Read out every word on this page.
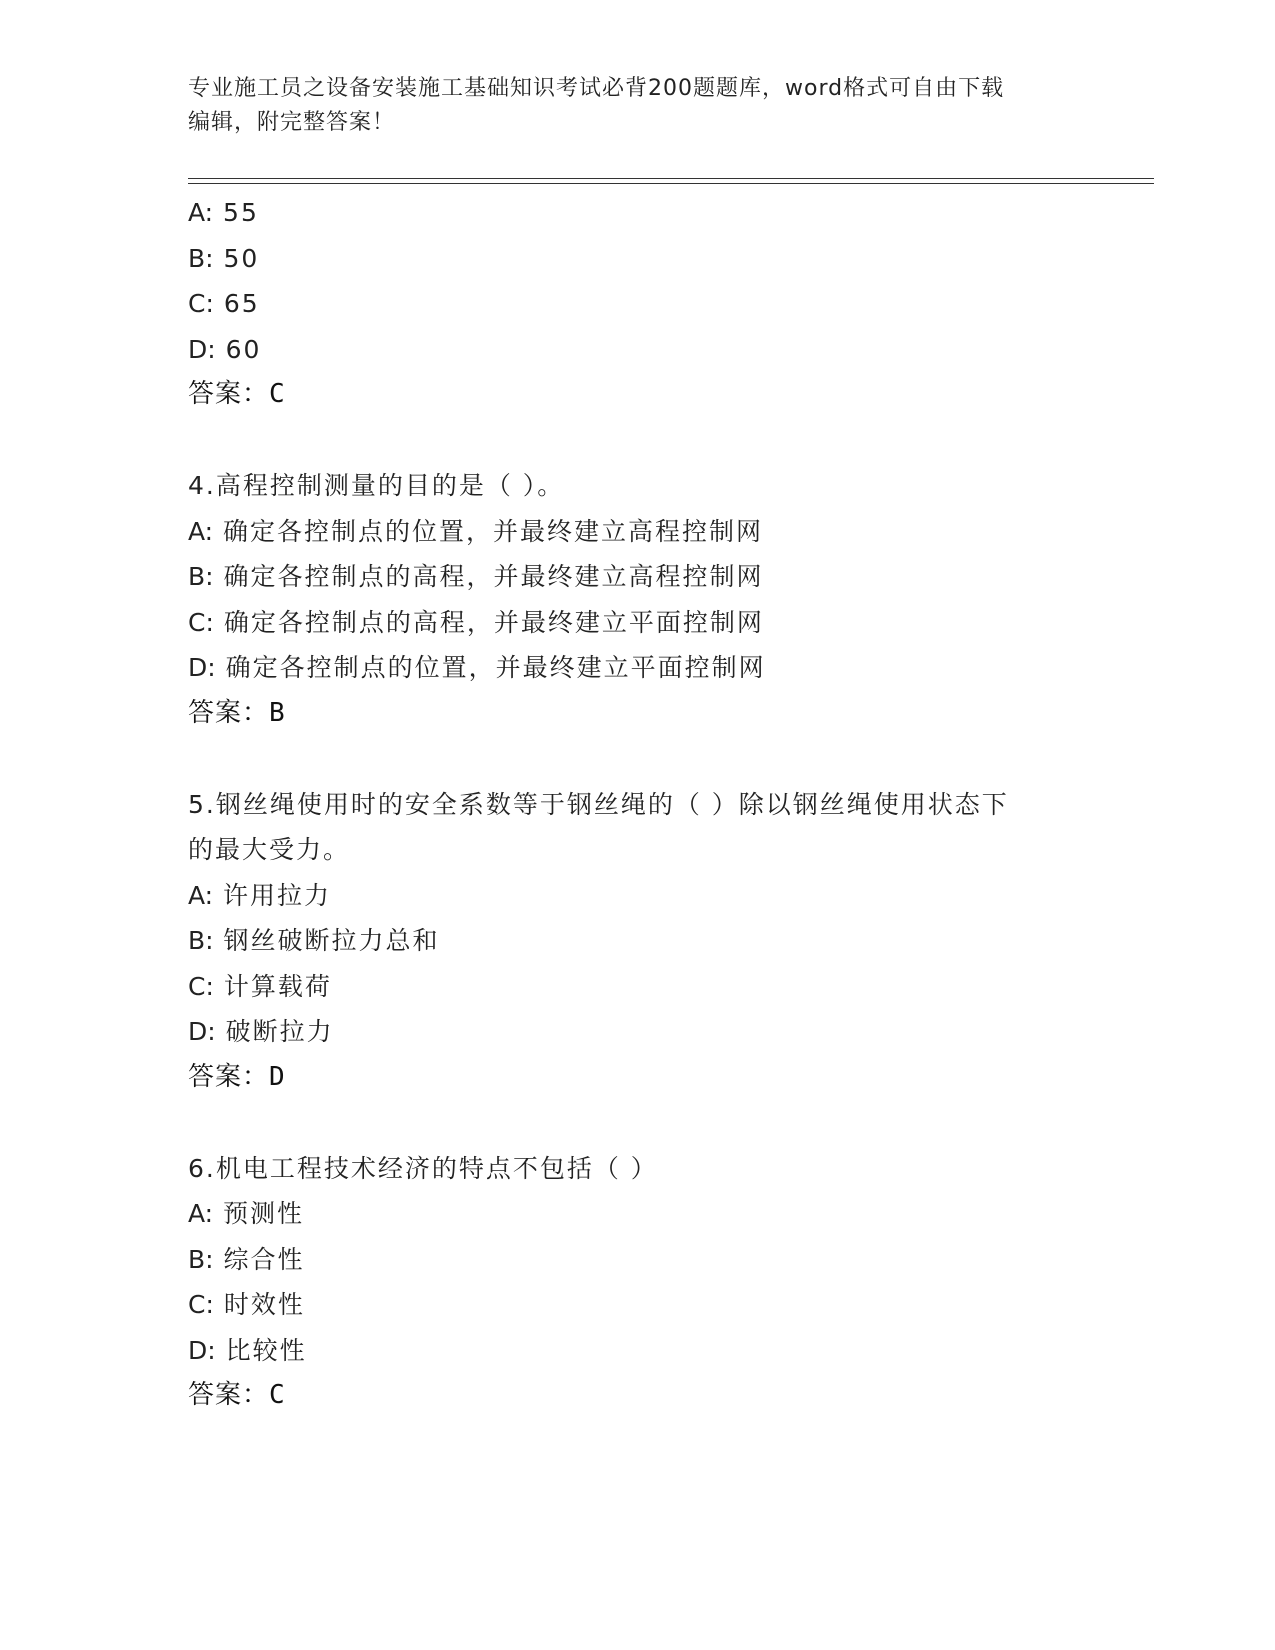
专业施工员之设备安装施工基础知识考试必背200题题库，word格式可自由下载
编辑，附完整答案！
A: 55
B: 50
C: 65
D: 60
答案：C
4.高程控制测量的目的是（ ）。
A: 确定各控制点的位置，并最终建立高程控制网
B: 确定各控制点的高程，并最终建立高程控制网
C: 确定各控制点的高程，并最终建立平面控制网
D: 确定各控制点的位置，并最终建立平面控制网
答案：B
5.钢丝绳使用时的安全系数等于钢丝绳的（ ）除以钢丝绳使用状态下
的最大受力。
A: 许用拉力
B: 钢丝破断拉力总和
C: 计算载荷
D: 破断拉力
答案：D
6.机电工程技术经济的特点不包括（ ）
A: 预测性
B: 综合性
C: 时效性
D: 比较性
答案：C
